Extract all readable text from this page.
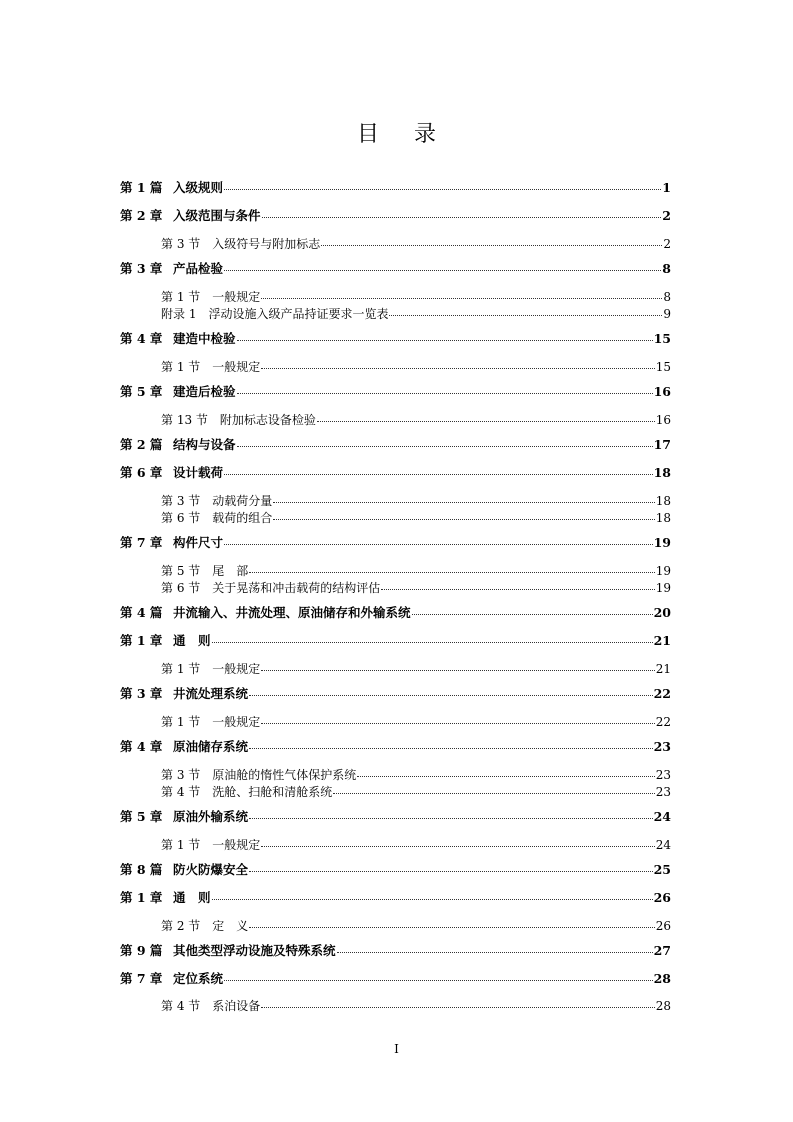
目 录
第 1 篇 入级规则	1
第 2 章 入级范围与条件	2
第 3 节 入级符号与附加标志	2
第 3 章 产品检验	8
第 1 节 一般规定	8
附录 1 浮动设施入级产品持证要求一览表	9
第 4 章 建造中检验	15
第 1 节 一般规定	15
第 5 章 建造后检验	16
第 13 节 附加标志设备检验	16
第 2 篇 结构与设备	17
第 6 章 设计载荷	18
第 3 节 动载荷分量	18
第 6 节 载荷的组合	18
第 7 章 构件尺寸	19
第 5 节 尾　部	19
第 6 节 关于晃荡和冲击载荷的结构评估	19
第 4 篇 井流输入、井流处理、原油储存和外输系统	20
第 1 章 通　则	21
第 1 节 一般规定	21
第 3 章 井流处理系统	22
第 1 节 一般规定	22
第 4 章 原油储存系统	23
第 3 节 原油舱的惰性气体保护系统	23
第 4 节 洗舱、扫舱和清舱系统	23
第 5 章 原油外输系统	24
第 1 节 一般规定	24
第 8 篇 防火防爆安全	25
第 1 章 通　则	26
第 2 节 定　义	26
第 9 篇 其他类型浮动设施及特殊系统	27
第 7 章 定位系统	28
第 4 节 系泊设备	28
I
